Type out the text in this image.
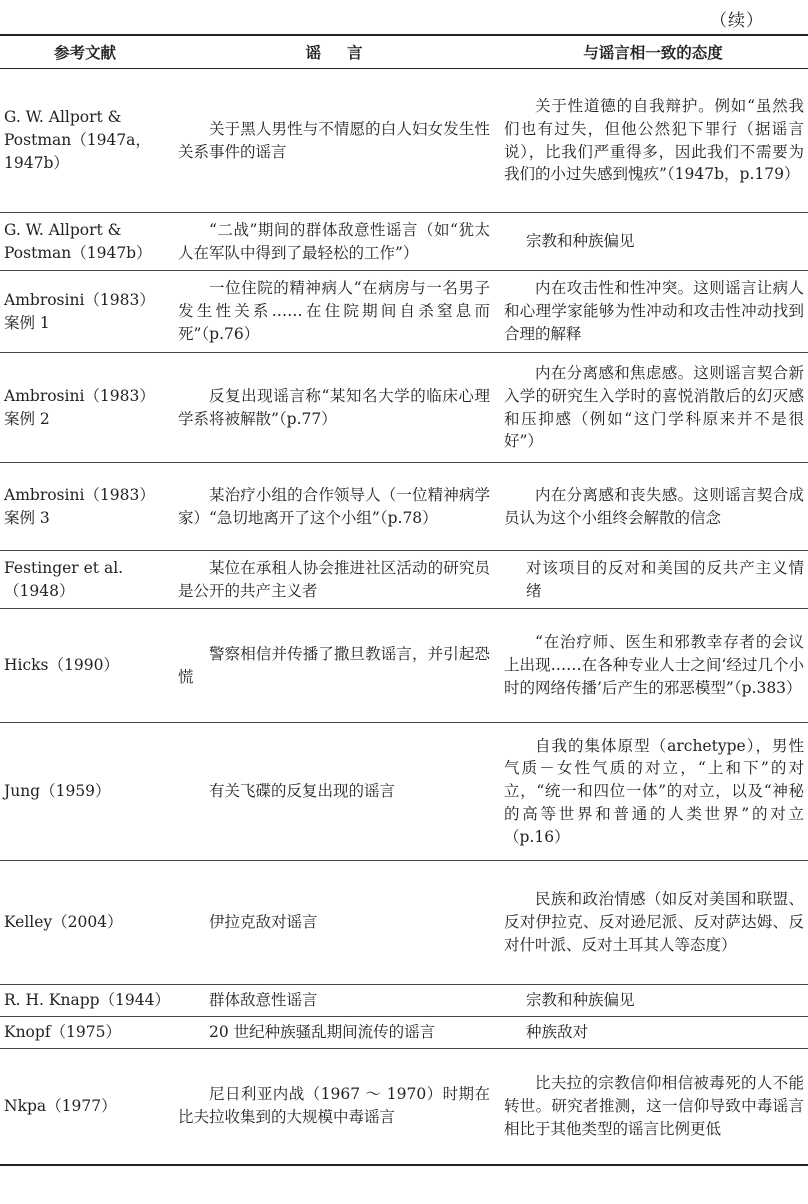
（续）
参考文献	谣言	与谣言相一致的态度
G. W. Allport & Postman（1947a，1947b）	关于黑人男性与不情愿的白人妇女发生性关系事件的谣言	关于性道德的自我辩护。例如“虽然我们也有过失，但他公然犯下罪行（据谣言说），比我们严重得多，因此我们不需要为我们的小过失感到愧疚”（1947b，p.179）
G. W. Allport & Postman（1947b）	“二战”期间的群体敌意性谣言（如“犹太人在军队中得到了最轻松的工作”）	宗教和种族偏见
Ambrosini（1983）案例 1	一位住院的精神病人“在病房与一名男子发生性关系……在住院期间自杀窒息而死”（p.76）	内在攻击性和性冲突。这则谣言让病人和心理学家能够为性冲动和攻击性冲动找到合理的解释
Ambrosini（1983）案例 2	反复出现谣言称“某知名大学的临床心理学系将被解散”（p.77）	内在分离感和焦虑感。这则谣言契合新入学的研究生入学时的喜悦消散后的幻灭感和压抑感（例如“这门学科原来并不是很好”）
Ambrosini（1983）案例 3	某治疗小组的合作领导人（一位精神病学家）“急切地离开了这个小组”（p.78）	内在分离感和丧失感。这则谣言契合成员认为这个小组终会解散的信念
Festinger et al.（1948）	某位在承租人协会推进社区活动的研究员是公开的共产主义者	对该项目的反对和美国的反共产主义情绪
Hicks（1990）	警察相信并传播了撒旦教谣言，并引起恐慌	“在治疗师、医生和邪教幸存者的会议上出现……在各种专业人士之间‘经过几个小时的网络传播’后产生的邪恶模型”（p.383）
Jung（1959）	有关飞碟的反复出现的谣言	自我的集体原型（archetype），男性气质－女性气质的对立，“上和下”的对立，“统一和四位一体”的对立，以及“神秘的高等世界和普通的人类世界”的对立（p.16）
Kelley（2004）	伊拉克敌对谣言	民族和政治情感（如反对美国和联盟、反对伊拉克、反对逊尼派、反对萨达姆、反对什叶派、反对土耳其人等态度）
R. H. Knapp（1944）	群体敌意性谣言	宗教和种族偏见
Knopf（1975）	20 世纪种族骚乱期间流传的谣言	种族敌对
Nkpa（1977）	尼日利亚内战（1967 ～ 1970）时期在比夫拉收集到的大规模中毒谣言	比夫拉的宗教信仰相信被毒死的人不能转世。研究者推测，这一信仰导致中毒谣言相比于其他类型的谣言比例更低
